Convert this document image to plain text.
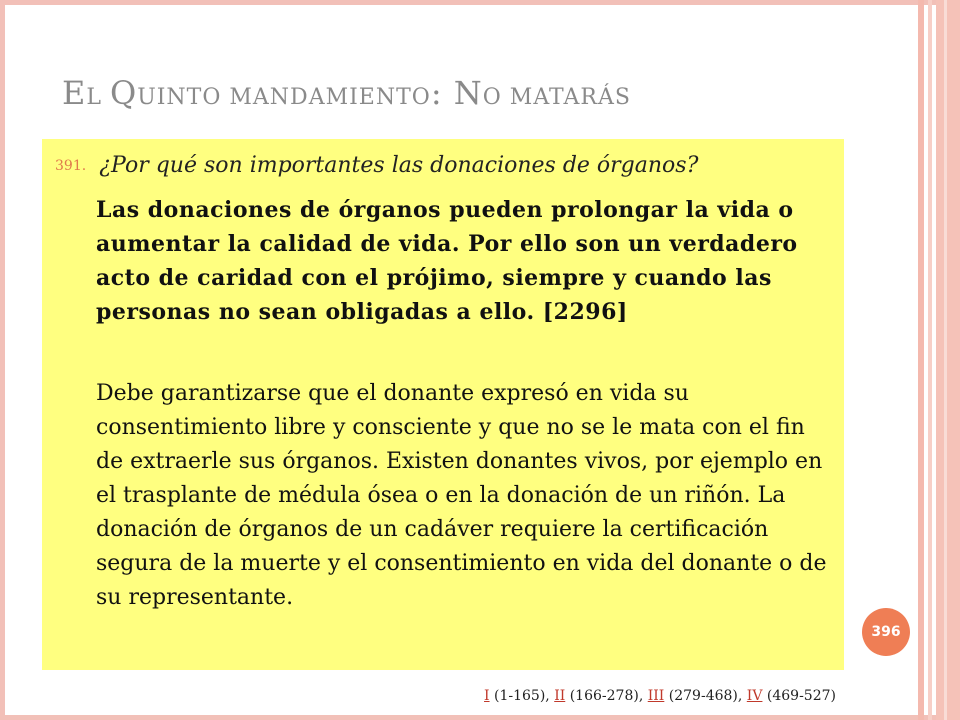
EL QUINTO MANDAMIENTO: NO MATARÁS
391. ¿Por qué son importantes las donaciones de órganos?
Las donaciones de órganos pueden prolongar la vida o aumentar la calidad de vida. Por ello son un verdadero acto de caridad con el prójimo, siempre y cuando las personas no sean obligadas a ello. [2296]
Debe garantizarse que el donante expresó en vida su consentimiento libre y consciente y que no se le mata con el fin de extraerle sus órganos. Existen donantes vivos, por ejemplo en el trasplante de médula ósea o en la donación de un riñón. La donación de órganos de un cadáver requiere la certificación segura de la muerte y el consentimiento en vida del donante o de su representante.
396
I (1-165), II (166-278), III (279-468), IV (469-527)
